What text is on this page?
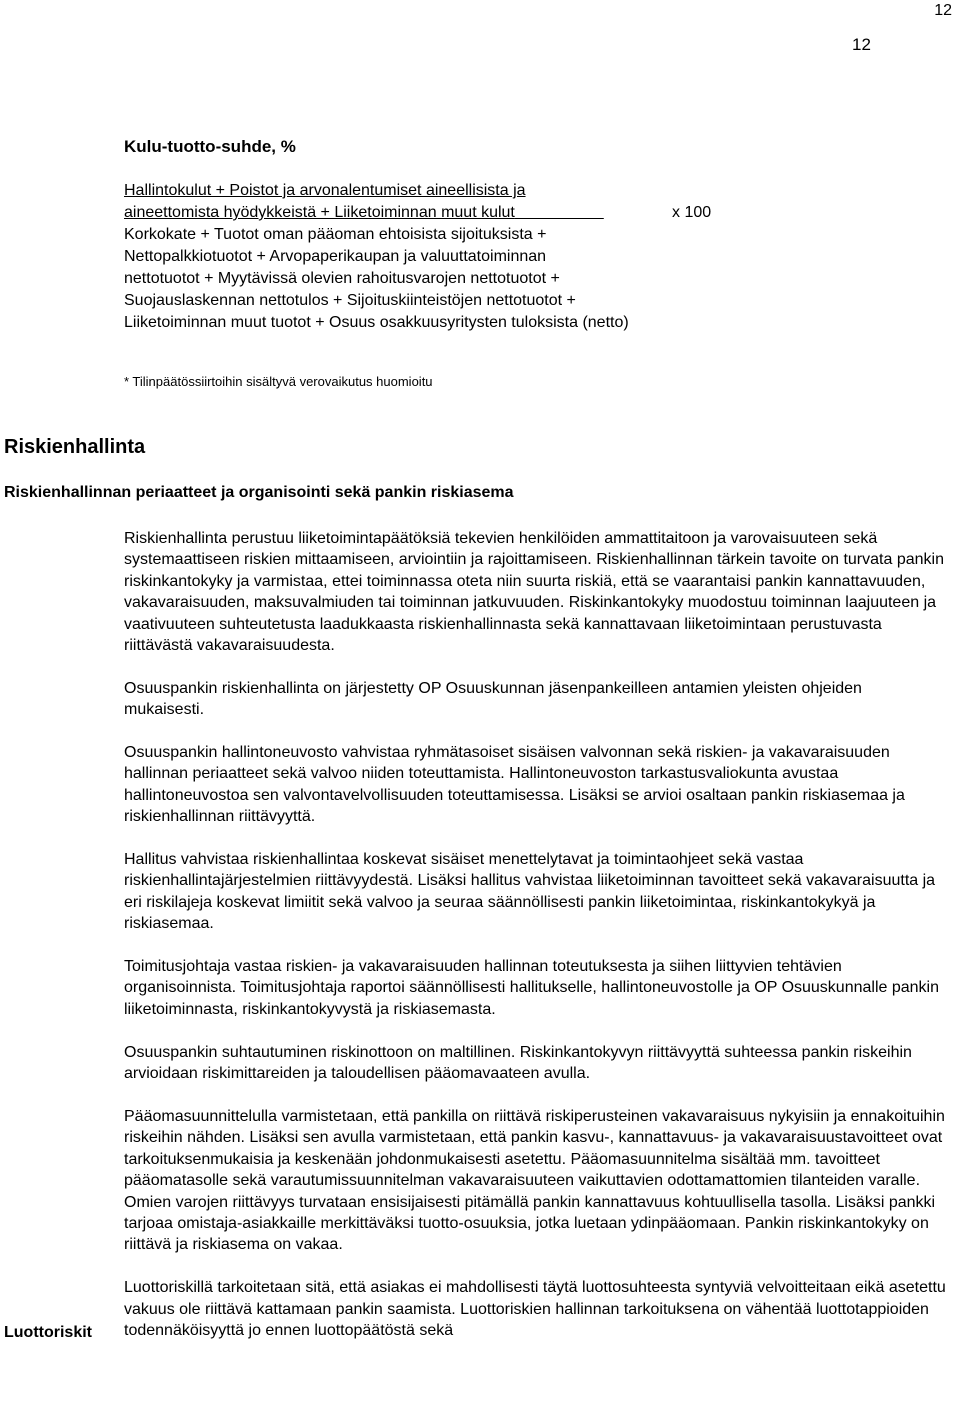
12
12
Kulu-tuotto-suhde, %
Hallintokulut + Poistot ja arvonalentumiset aineellisista ja
aineettomista hyödykkeistä + Liiketoiminnan muut kulut	x 100
Korkokate + Tuotot oman pääoman ehtoisista sijoituksista +
Nettopalkkiotuotot + Arvopaperikaupan ja valuuttatoiminnan
nettotuotot + Myytävissä olevien rahoitusvarojen nettotuotot +
Suojauslaskennan nettotulos + Sijoituskiinteistöjen nettotuotot +
Liiketoiminnan muut tuotot + Osuus osakkuusyritysten tuloksista (netto)
* Tilinpäätössiirtoihin sisältyvä verovaikutus huomioitu
Riskienhallinta
Riskienhallinnan periaatteet ja organisointi sekä pankin riskiasema

Riskienhallinta perustuu liiketoimintapäätöksiä tekevien henkilöiden ammattitaitoon ja varovaisuuteen sekä systemaattiseen riskien mittaamiseen, arviointiin ja rajoittamiseen. Riskienhallinnan tärkein tavoite on turvata pankin riskinkantokyky ja varmistaa, ettei toiminnassa oteta niin suurta riskiä, että se vaarantaisi pankin kannattavuuden, vakavaraisuuden, maksuvalmiuden tai toiminnan jatkuvuuden. Riskinkantokyky muodostuu toiminnan laajuuteen ja vaativuuteen suhteutetusta laadukkaasta riskienhallinnasta sekä kannattavaan liiketoimintaan perustuvasta riittävästä vakavaraisuudesta.

Osuuspankin riskienhallinta on järjestetty OP Osuuskunnan jäsenpankeilleen antamien yleisten ohjeiden mukaisesti.

Osuuspankin hallintoneuvosto vahvistaa ryhmätasoiset sisäisen valvonnan sekä riskien- ja vakavaraisuuden hallinnan periaatteet sekä valvoo niiden toteuttamista. Hallintoneuvoston tarkastusvaliokunta avustaa hallintoneuvostoa sen valvontavelvollisuuden toteuttamisessa. Lisäksi se arvioi osaltaan pankin riskiasemaa ja riskienhallinnan riittävyyttä.

Hallitus vahvistaa riskienhallintaa koskevat sisäiset menettelytavat ja toimintaohjeet sekä vastaa riskienhallintajärjestelmien riittävyydestä. Lisäksi hallitus vahvistaa liiketoiminnan tavoitteet sekä vakavaraisuutta ja eri riskilajeja koskevat limiitit sekä valvoo ja seuraa säännöllisesti pankin liiketoimintaa, riskinkantokykyä ja riskiasemaa.

Toimitusjohtaja vastaa riskien- ja vakavaraisuuden hallinnan toteutuksesta ja siihen liittyvien tehtävien organisoinnista. Toimitusjohtaja raportoi säännöllisesti hallitukselle, hallintoneuvostolle ja OP Osuuskunnalle pankin liiketoiminnasta, riskinkantokyvystä ja riskiasemasta.

Osuuspankin suhtautuminen riskinottoon on maltillinen. Riskinkantokyvyn riittävyyttä suhteessa pankin riskeihin arvioidaan riskimittareiden ja taloudellisen pääomavaateen avulla.

Pääomasuunnittelulla varmistetaan, että pankilla on riittävä riskiperusteinen vakavaraisuus nykyisiin ja ennakoituihin riskeihin nähden. Lisäksi sen avulla varmistetaan, että pankin kasvu-, kannattavuus- ja vakavaraisuustavoitteet ovat tarkoituksenmukaisia ja keskenään johdonmukaisesti asetettu. Pääomasuunnitelma sisältää mm. tavoitteet pääomatasolle sekä varautumissuunnitelman vakavaraisuuteen vaikuttavien odottamattomien tilanteiden varalle. Omien varojen riittävyys turvataan ensisijaisesti pitämällä pankin kannattavuus kohtuullisella tasolla. Lisäksi pankki tarjoaa omistaja-asiakkaille merkittäväksi tuotto-osuuksia, jotka luetaan ydinpääomaan. Pankin riskinkantokyky on riittävä ja riskiasema on vakaa.

Luottoriskillä tarkoitetaan sitä, että asiakas ei mahdollisesti täytä luottosuhteesta syntyviä velvoitteitaan eikä asetettu vakuus ole riittävä kattamaan pankin saamista. Luottoriskien hallinnan tarkoituksena on vähentää luottotappioiden todennäköisyyttä jo ennen luottopäätöstä sekä

Luottoriskit
